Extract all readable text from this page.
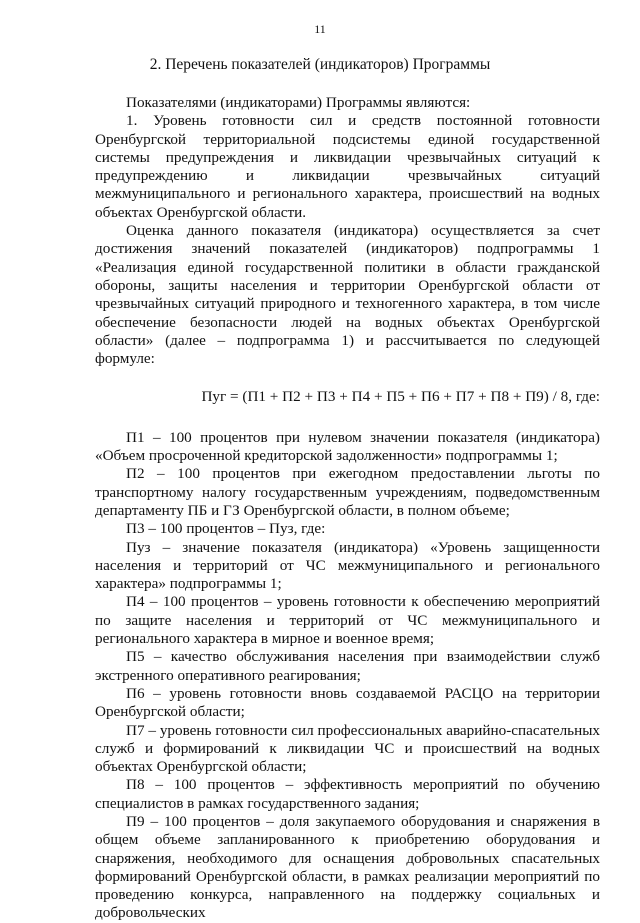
11
2. Перечень показателей (индикаторов) Программы

Показателями (индикаторами) Программы являются:

1. Уровень готовности сил и средств постоянной готовности Оренбургской территориальной подсистемы единой государственной системы предупреждения и ликвидации чрезвычайных ситуаций к предупреждению и ликвидации чрезвычайных ситуаций межмуниципального и регионального характера, происшествий на водных объектах Оренбургской области.

Оценка данного показателя (индикатора) осуществляется за счет достижения значений показателей (индикаторов) подпрограммы 1 «Реализация единой государственной политики в области гражданской обороны, защиты населения и территории Оренбургской области от чрезвычайных ситуаций природного и техногенного характера, в том числе обеспечение безопасности людей на водных объектах Оренбургской области» (далее – подпрограмма 1) и рассчитывается по следующей формуле:

Пуг = (П1 + П2 + П3 + П4 + П5 + П6 + П7 + П8 + П9) / 8, где:

П1 – 100 процентов при нулевом значении показателя (индикатора) «Объем просроченной кредиторской задолженности» подпрограммы 1;

П2 – 100 процентов при ежегодном предоставлении льготы по транспортному налогу государственным учреждениям, подведомственным департаменту ПБ и ГЗ Оренбургской области, в полном объеме;

П3 – 100 процентов – Пуз, где:

Пуз – значение показателя (индикатора) «Уровень защищенности населения и территорий от ЧС межмуниципального и регионального характера» подпрограммы 1;

П4 – 100 процентов – уровень готовности к обеспечению мероприятий по защите населения и территорий от ЧС межмуниципального и регионального характера в мирное и военное время;

П5 – качество обслуживания населения при взаимодействии служб экстренного оперативного реагирования;

П6 – уровень готовности вновь создаваемой РАСЦО на территории Оренбургской области;

П7 – уровень готовности сил профессиональных аварийно-спасательных служб и формирований к ликвидации ЧС и происшествий на водных объектах Оренбургской области;

П8 – 100 процентов – эффективность мероприятий по обучению специалистов в рамках государственного задания;

П9 – 100 процентов – доля закупаемого оборудования и снаряжения в общем объеме запланированного к приобретению оборудования и снаряжения, необходимого для оснащения добровольных спасательных формирований Оренбургской области, в рамках реализации мероприятий по проведению конкурса, направленного на поддержку социальных и добровольческих
